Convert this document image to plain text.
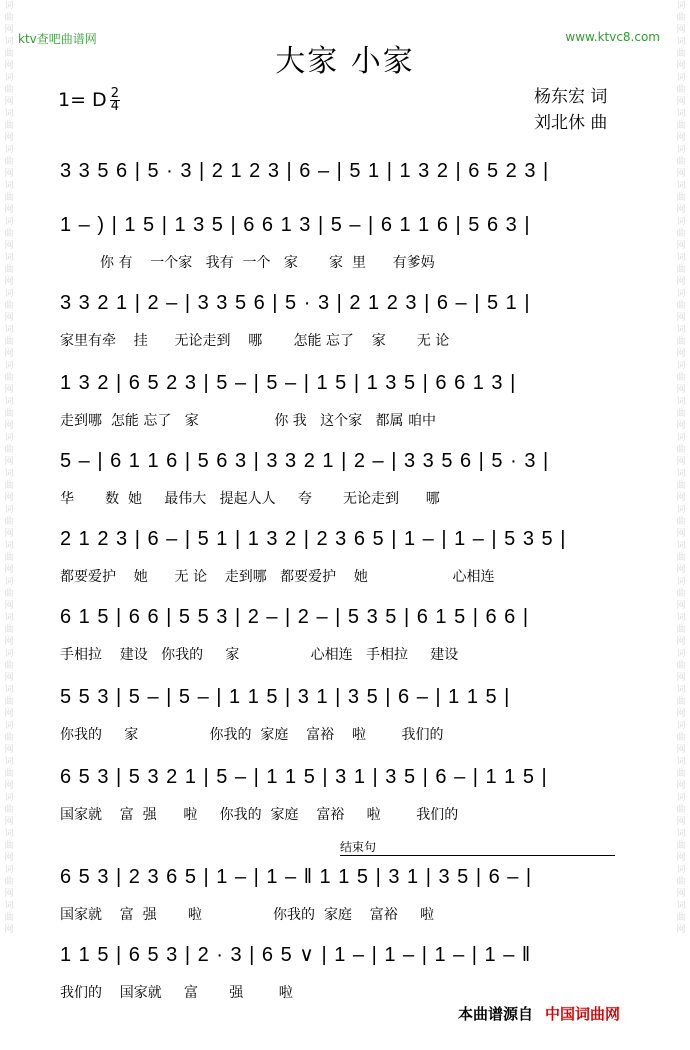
ktv查吧曲谱网	www.ktvc8.com
词曲网词曲网词曲网词曲网词曲网词曲网词曲网词曲网词曲网词曲网词曲网词曲网词曲网词曲网词曲网词曲网词曲网词曲网词曲网词曲网词曲网词曲网词曲网词曲网词曲网词曲网
词曲网词曲网词曲网词曲网词曲网词曲网词曲网词曲网词曲网词曲网词曲网词曲网词曲网词曲网词曲网词曲网词曲网词曲网词曲网词曲网词曲网词曲网词曲网词曲网词曲网词曲网
大家 小家
1= D $\frac{2}{4}$	杨东宏 词
刘北休 曲
3 3 5 6 | 5 · 3 | 2 1 2 3 | 6 – | 5 1 | 1 3 2 | 6 5 2 3 |
1 – ) | 1 5 | 1 3 5 | 6 6 1 3 | 5 – | 6 1 1 6 | 5 6 3 |
你 有    一个家   我有  一个   家       家  里      有爹妈
3 3 2 1 | 2 – | 3 3 5 6 | 5 · 3 | 2 1 2 3 | 6 – | 5 1 |
家里有牵    挂      无论走到    哪       怎能 忘了    家       无 论
1 3 2 | 6 5 2 3 | 5 – | 5 – | 1 5 | 1 3 5 | 6 6 1 3 |
走到哪  怎能 忘了   家                 你 我   这个家   都属 咱中
5 – | 6 1 1 6 | 5 6 3 | 3 3 2 1 | 2 – | 3 3 5 6 | 5 · 3 |
华       数  她     最伟大   提起人人     夸       无论走到      哪
2 1 2 3 | 6 – | 5 1 | 1 3 2 | 2 3 6 5 | 1 – | 1 – | 5 3 5 |
都要爱护    她      无 论    走到哪   都要爱护    她                   心相连
6 1 5 | 6 6 | 5 5 3 | 2 – | 2 – | 5 3 5 | 6 1 5 | 6 6 |
手相拉    建设   你我的     家                心相连   手相拉     建设
5 5 3 | 5 – | 5 – | 1 1 5 | 3 1 | 3 5 | 6 – | 1 1 5 |
你我的     家                你我的  家庭    富裕    啦        我们的
6 5 3 | 5 3 2 1 | 5 – | 1 1 5 | 3 1 | 3 5 | 6 – | 1 1 5 |
国家就    富  强      啦     你我的  家庭    富裕     啦        我们的
结束句
6 5 3 | 2 3 6 5 | 1 – | 1 – ‖ 1 1 5 | 3 1 | 3 5 | 6 – |
国家就    富  强       啦                你我的  家庭    富裕     啦
1 1 5 | 6 5 3 | 2 · 3 | 6 5 ∨ | 1 – | 1 – | 1 – | 1 – ‖
我们的    国家就     富       强        啦
本曲谱源自 中国词曲网
